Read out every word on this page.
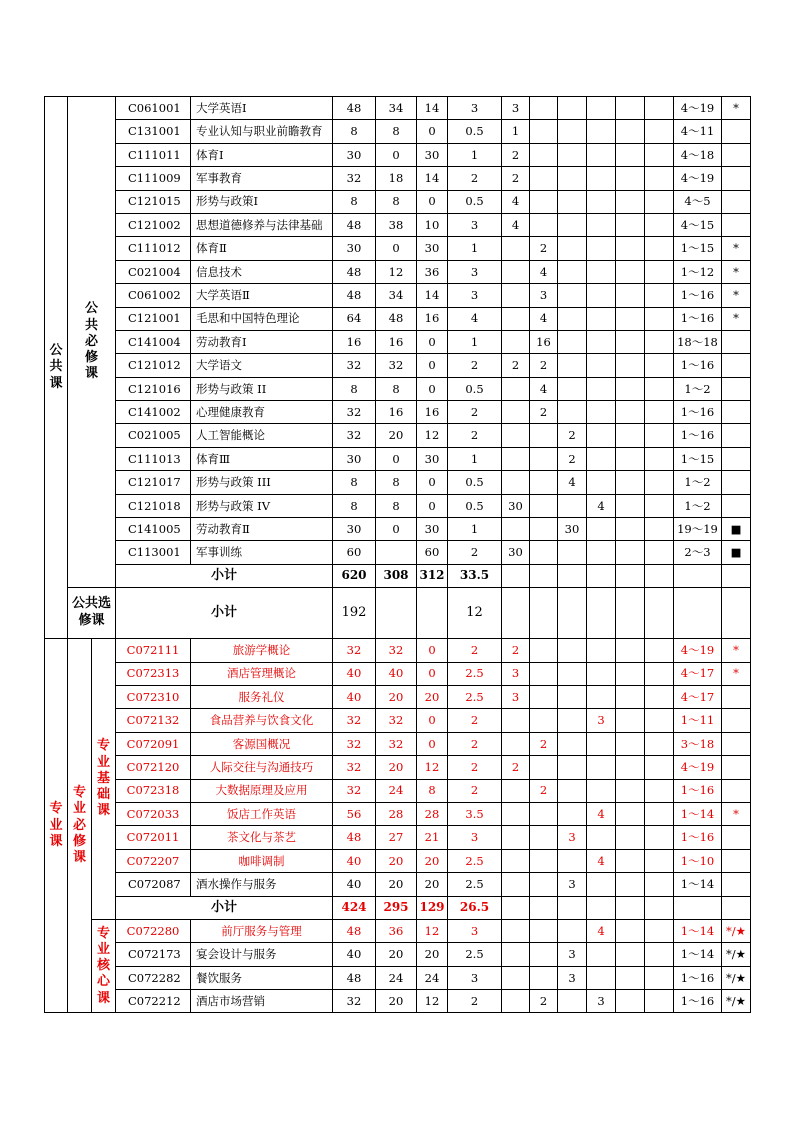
公共课	公共必修课		C061001	大学英语Ⅰ	48	34	14	3	3						4～19	*
			C131001	专业认知与职业前瞻教育	8	8	0	0.5	1						4～11	
			C111011	体育Ⅰ	30	0	30	1	2						4～18	
			C111009	军事教育	32	18	14	2	2						4～19	
			C121015	形势与政策Ⅰ	8	8	0	0.5	4						4～5	
			C121002	思想道德修养与法律基础	48	38	10	3	4						4～15	
			C111012	体育Ⅱ	30	0	30	1		2					1～15	*
			C021004	信息技术	48	12	36	3		4					1～12	*
			C061002	大学英语Ⅱ	48	34	14	3		3					1～16	*
			C121001	毛思和中国特色理论	64	48	16	4		4					1～16	*
			C141004	劳动教育Ⅰ	16	16	0	1		16					18～18	
			C121012	大学语文	32	32	0	2	2	2					1～16	
			C121016	形势与政策 II	8	8	0	0.5		4					1～2	
			C141002	心理健康教育	32	16	16	2		2					1～16	
			C021005	人工智能概论	32	20	12	2			2				1～16	
			C111013	体育Ⅲ	30	0	30	1			2				1～15	
			C121017	形势与政策 III	8	8	0	0.5			4				1～2	
			C121018	形势与政策 IV	8	8	0	0.5	30			4			1～2	
			C141005	劳动教育Ⅱ	30	0	30	1			30				19～19	■
			C113001	军事训练	60		60	2	30						2～3	■
			小计		620	308	312	33.5								
	公共选修课		小计		192			12								

专业课	专业必修课	专业基础课	C072111	旅游学概论	32	32	0	2	2						4～19	*
			C072313	酒店管理概论	40	40	0	2.5	3						4～17	*
			C072310	服务礼仪	40	20	20	2.5	3						4～17	
			C072132	食品营养与饮食文化	32	32	0	2				3			1～11	
			C072091	客源国概况	32	32	0	2		2					3～18	
			C072120	人际交往与沟通技巧	32	20	12	2	2						4～19	
			C072318	大数据原理及应用	32	24	8	2		2					1～16	
			C072033	饭店工作英语	56	28	28	3.5				4			1～14	*
			C072011	茶文化与茶艺	48	27	21	3			3				1～16	
			C072207	咖啡调制	40	20	20	2.5				4			1～10	
			C072087	酒水操作与服务	40	20	20	2.5			3				1～14	
			小计		424	295	129	26.5								

		专业核心课	C072280	前厅服务与管理	48	36	12	3				4			1～14	*/★
			C072173	宴会设计与服务	40	20	20	2.5			3				1～14	*/★
			C072282	餐饮服务	48	24	24	3			3				1～16	*/★
			C072212	酒店市场营销	32	20	12	2		2		3			1～16	*/★
